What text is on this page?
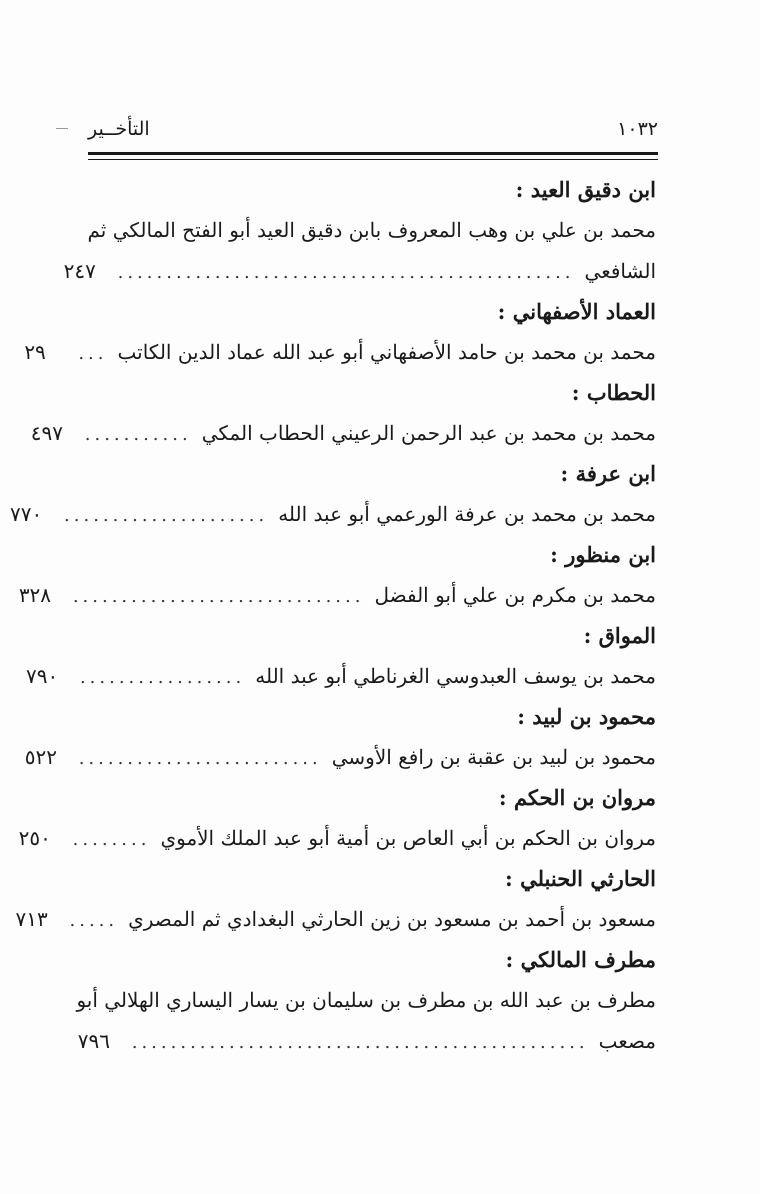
١٠٣٢
التأخــير
ابن دقيق العيد :
محمد بن علي بن وهب المعروف بابن دقيق العيد أبو الفتح المالكي ثم
الشافعي
...............................................
٢٤٧
العماد الأصفهاني :
محمد بن محمد بن حامد الأصفهاني أبو عبد الله عماد الدين الكاتب
...
٢٩
الحطاب :
محمد بن محمد بن عبد الرحمن الرعيني الحطاب المكي
...........
٤٩٧
ابن عرفة :
محمد بن محمد بن عرفة الورعمي أبو عبد الله
.....................
٧٧٠
ابن منظور :
محمد بن مكرم بن علي أبو الفضل
..............................
٣٢٨
المواق :
محمد بن يوسف العبدوسي الغرناطي أبو عبد الله
.................
٧٩٠
محمود بن لبيد :
محمود بن لبيد بن عقبة بن رافع الأوسي
.........................
٥٢٢
مروان بن الحكم :
مروان بن الحكم بن أبي العاص بن أمية أبو عبد الملك الأموي
........
٢٥٠
الحارثي الحنبلي :
مسعود بن أحمد بن مسعود بن زين الحارثي البغدادي ثم المصري
.....
٧١٣
مطرف المالكي :
مطرف بن عبد الله بن مطرف بن سليمان بن يسار اليساري الهلالي أبو
مصعب
...............................................
٧٩٦
